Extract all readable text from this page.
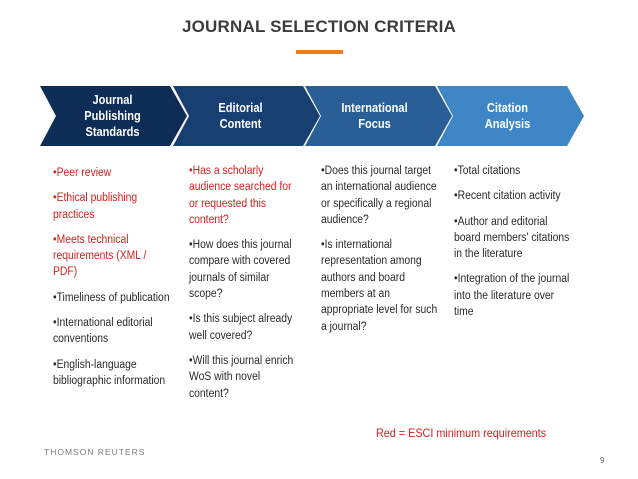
JOURNAL SELECTION CRITERIA
Journal
Publishing
Standards
Editorial
Content
International
Focus
Citation
Analysis

•Peer review

•Ethical publishing practices

•Meets technical requirements (XML / PDF)

•Timeliness of publication

•International editorial conventions

•English-language bibliographic information

•Has a scholarly audience searched for or requested this content?

•How does this journal compare with covered journals of similar scope?

•Is this subject already well covered?

•Will this journal enrich WoS with novel content?

•Does this journal target an international audience or specifically a regional audience?

•Is international representation among authors and board members at an appropriate level for such a journal?

•Total citations

•Recent citation activity

•Author and editorial board members' citations in the literature

•Integration of the journal into the literature over time

Red = ESCI minimum requirements
THOMSON REUTERS
9
